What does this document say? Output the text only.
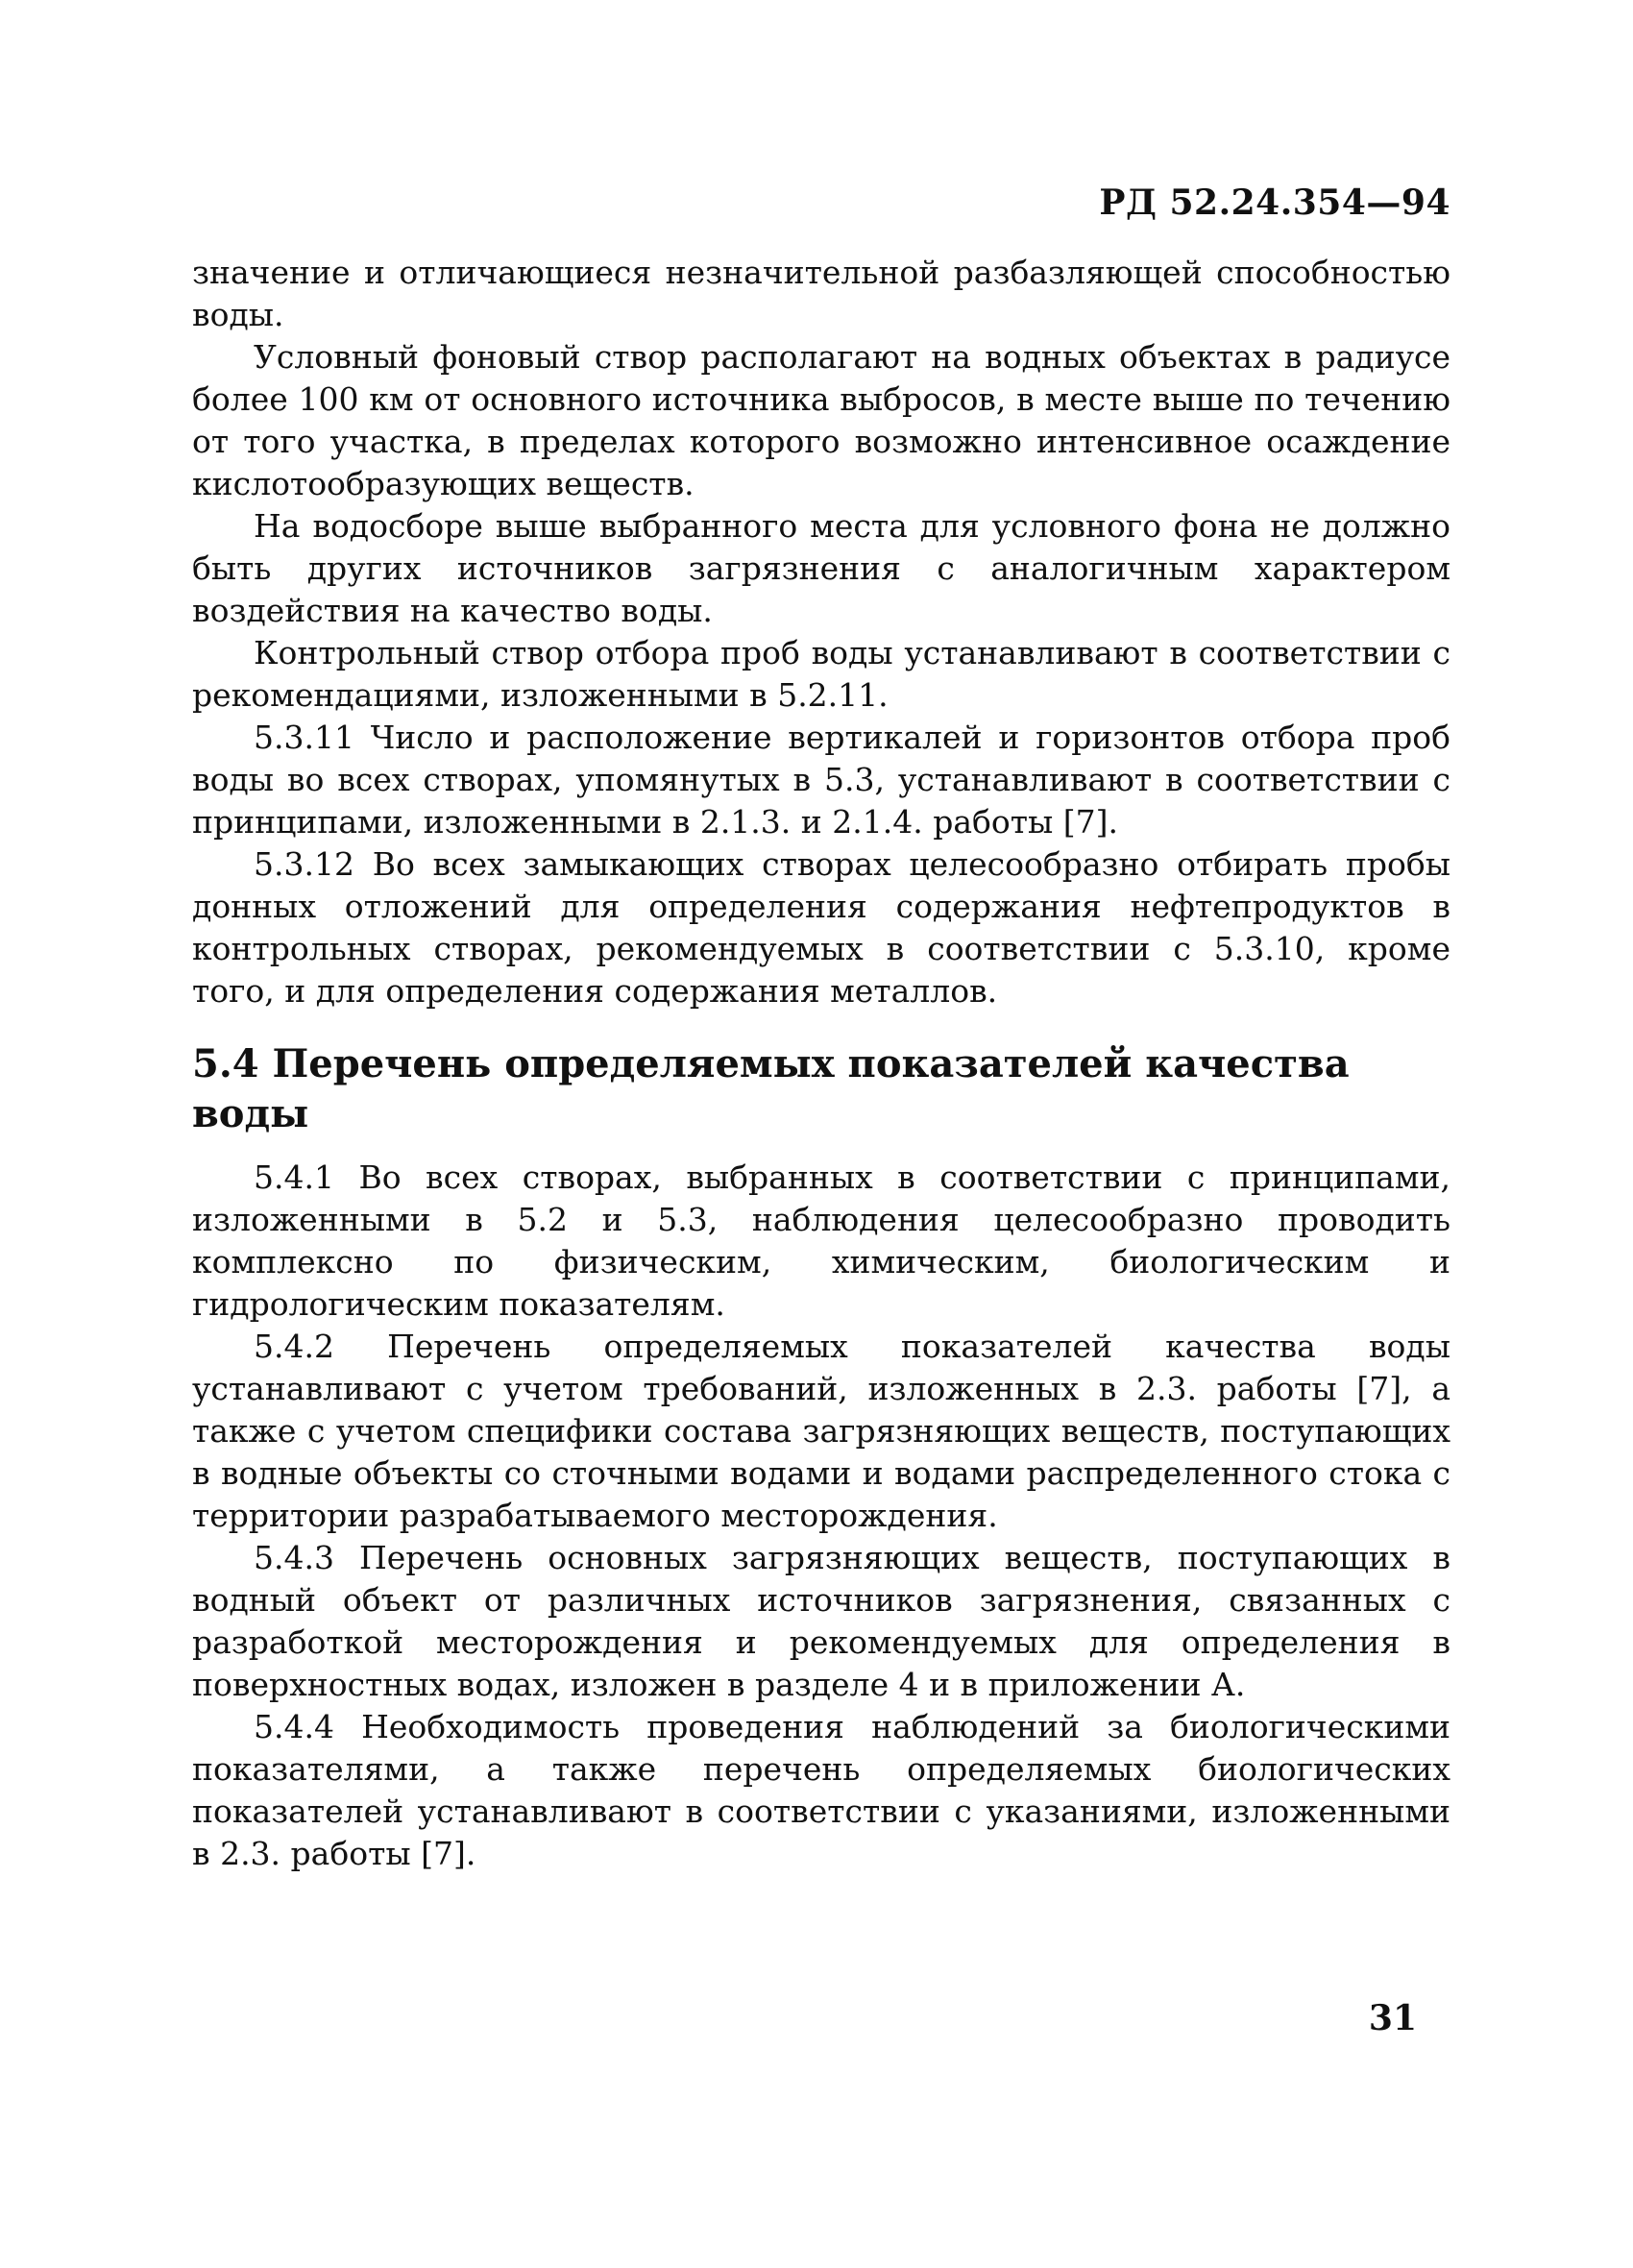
РД 52.24.354—94

значение и отличающиеся незначительной разбазляющей способностью воды.

Условный фоновый створ располагают на водных объектах в радиусе более 100 км от основного источника выбросов, в месте выше по течению от того участка, в пределах которого возможно интенсивное осаждение кислотообразующих веществ.

На водосборе выше выбранного места для условного фона не должно быть других источников загрязнения с аналогичным характером воздействия на качество воды.

Контрольный створ отбора проб воды устанавливают в соответствии с рекомендациями, изложенными в 5.2.11.

5.3.11 Число и расположение вертикалей и горизонтов отбора проб воды во всех створах, упомянутых в 5.3, устанавливают в соответствии с принципами, изложенными в 2.1.3. и 2.1.4. работы [7].

5.3.12 Во всех замыкающих створах целесообразно отбирать пробы донных отложений для определения содержания нефтепродуктов в контрольных створах, рекомендуемых в соответствии с 5.3.10, кроме того, и для определения содержания металлов.

5.4 Перечень определяемых показателей качества воды

5.4.1 Во всех створах, выбранных в соответствии с принципами, изложенными в 5.2 и 5.3, наблюдения целесообразно проводить комплексно по физическим, химическим, биологическим и гидрологическим показателям.

5.4.2 Перечень определяемых показателей качества воды устанавливают с учетом требований, изложенных в 2.3. работы [7], а также с учетом специфики состава загрязняющих веществ, поступающих в водные объекты со сточными водами и водами распределенного стока с территории разрабатываемого месторождения.

5.4.3 Перечень основных загрязняющих веществ, поступающих в водный объект от различных источников загрязнения, связанных с разработкой месторождения и рекомендуемых для определения в поверхностных водах, изложен в разделе 4 и в приложении А.

5.4.4 Необходимость проведения наблюдений за биологическими показателями, а также перечень определяемых биологических показателей устанавливают в соответствии с указаниями, изложенными в 2.3. работы [7].

31
